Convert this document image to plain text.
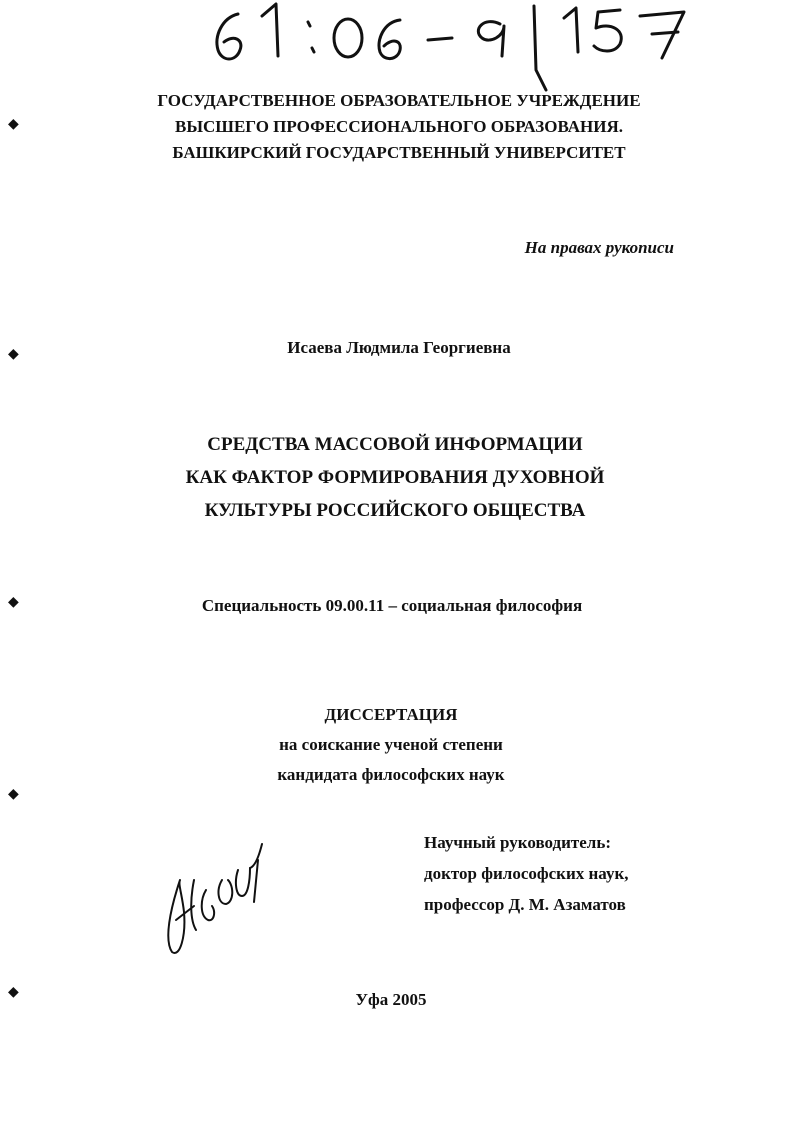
◆
◆
◆
◆
◆
ГОСУДАРСТВЕННОЕ ОБРАЗОВАТЕЛЬНОЕ УЧРЕЖДЕНИЕ
ВЫСШЕГО ПРОФЕССИОНАЛЬНОГО ОБРАЗОВАНИЯ.
БАШКИРСКИЙ ГОСУДАРСТВЕННЫЙ УНИВЕРСИТЕТ
На правах рукописи
Исаева Людмила Георгиевна
СРЕДСТВА МАССОВОЙ ИНФОРМАЦИИ
КАК ФАКТОР ФОРМИРОВАНИЯ ДУХОВНОЙ
КУЛЬТУРЫ РОССИЙСКОГО ОБЩЕСТВА
Специальность 09.00.11 – социальная философия
ДИССЕРТАЦИЯ
на соискание ученой степени
кандидата философских наук
Научный руководитель:
доктор философских наук,
профессор Д. М. Азаматов
Уфа 2005
